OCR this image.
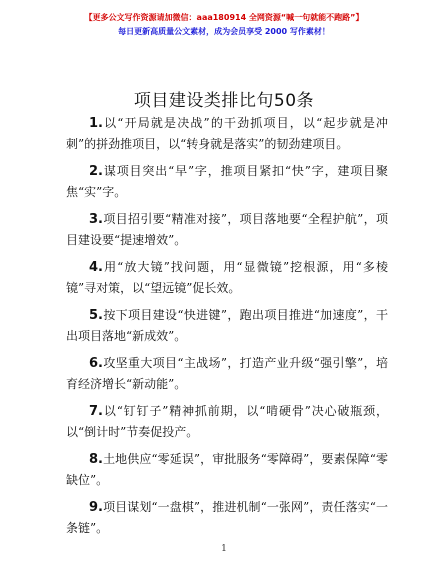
【更多公文写作资源请加微信：aaa180914 全网资源“喊一句就能不跑路”】
每日更新高质量公文素材，成为会员享受 2000 写作素材！
项目建设类排比句50条
1.以“开局就是决战”的干劲抓项目，以“起步就是冲刺”的拼劲推项目，以“转身就是落实”的韧劲建项目。
2.谋项目突出“早”字，推项目紧扣“快”字，建项目聚焦“实”字。
3.项目招引要“精准对接”，项目落地要“全程护航”，项目建设要“提速增效”。
4.用“放大镜”找问题，用“显微镜”挖根源，用“多棱镜”寻对策，以“望远镜”促长效。
5.按下项目建设“快进键”，跑出项目推进“加速度”，干出项目落地“新成效”。
6.攻坚重大项目“主战场”，打造产业升级“强引擎”，培育经济增长“新动能”。
7.以“钉钉子”精神抓前期，以“啃硬骨”决心破瓶颈，以“倒计时”节奏促投产。
8.土地供应“零延误”，审批服务“零障碍”，要素保障“零缺位”。
9.项目谋划“一盘棋”，推进机制“一张网”，责任落实“一条链”。
1
